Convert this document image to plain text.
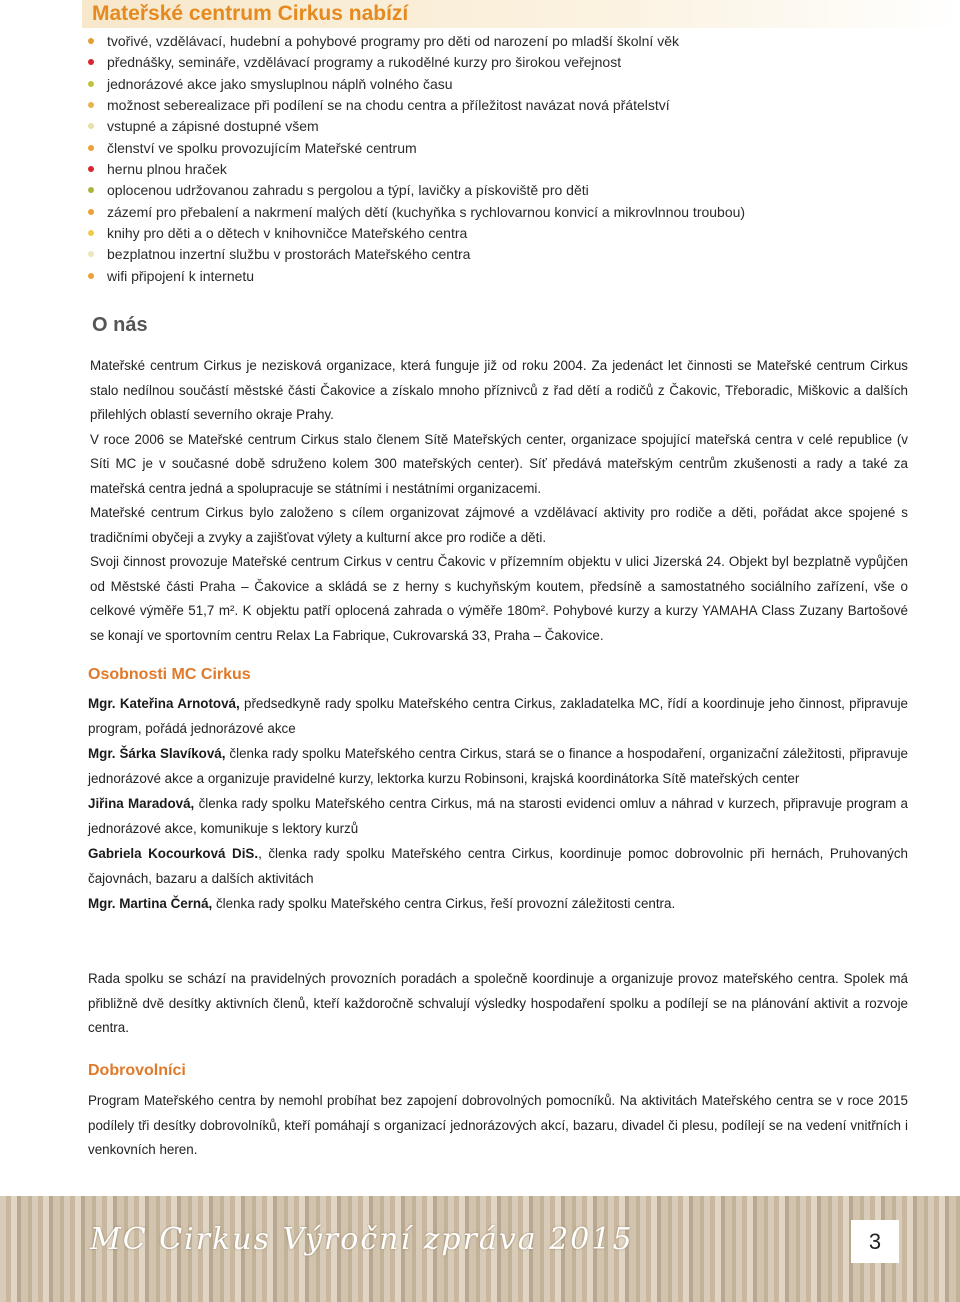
Mateřské centrum Cirkus nabízí
tvořivé, vzdělávací, hudební a pohybové programy pro děti od narození po mladší školní věk
přednášky, semináře, vzdělávací programy a rukodělné kurzy pro širokou veřejnost
jednorázové akce jako smysluplnou náplň volného času
možnost seberealizace při podílení se na chodu centra a příležitost navázat nová přátelství
vstupné a zápisné dostupné všem
členství ve spolku provozujícím Mateřské centrum
hernu plnou hraček
oplocenou udržovanou zahradu s pergolou a týpí, lavičky a pískoviště pro děti
zázemí pro přebalení a nakrmení malých dětí (kuchyňka s rychlovarnou konvicí a mikrovlnnou troubou)
knihy pro děti a o dětech v knihovničce Mateřského centra
bezplatnou inzertní službu v prostorách Mateřského centra
wifi připojení k internetu
O nás

Mateřské centrum Cirkus je nezisková organizace, která funguje již od roku 2004. Za jedenáct let činnosti se Mateřské centrum Cirkus stalo nedílnou součástí městské části Čakovice a získalo mnoho příznivců z řad dětí a rodičů z Čakovic, Třeboradic, Miškovic a dalších přilehlých oblastí severního okraje Prahy.

V roce 2006 se Mateřské centrum Cirkus stalo členem Sítě Mateřských center, organizace spojující mateřská centra v celé republice (v Síti MC je v současné době sdruženo kolem 300 mateřských center). Síť předává mateřským centrům zkušenosti a rady a také za mateřská centra jedná a spolupracuje se státními i nestátními organizacemi.

Mateřské centrum Cirkus bylo založeno s cílem organizovat zájmové a vzdělávací aktivity pro rodiče a děti, pořádat akce spojené s tradičními obyčeji a zvyky a zajišťovat výlety a kulturní akce pro rodiče a děti.

Svoji činnost provozuje Mateřské centrum Cirkus v centru Čakovic v přízemním objektu v ulici Jizerská 24. Objekt byl bezplatně vypůjčen od Městské části Praha – Čakovice a skládá se z herny s kuchyňským koutem, předsíně a samostatného sociálního zařízení, vše o celkové výměře 51,7 m². K objektu patří oplocená zahrada o výměře 180m². Pohybové kurzy a kurzy YAMAHA Class Zuzany Bartošové se konají ve sportovním centru Relax La Fabrique, Cukrovarská 33, Praha – Čakovice.

Osobnosti MC Cirkus

Mgr. Kateřina Arnotová, předsedkyně rady spolku Mateřského centra Cirkus, zakladatelka MC, řídí a koordinuje jeho činnost, připravuje program, pořádá jednorázové akce

Mgr. Šárka Slavíková, členka rady spolku Mateřského centra Cirkus, stará se o finance a hospodaření, organizační záležitosti, připravuje jednorázové akce a organizuje pravidelné kurzy, lektorka kurzu Robinsoni, krajská koordinátorka Sítě mateřských center

Jiřina Maradová, členka rady spolku Mateřského centra Cirkus, má na starosti evidenci omluv a náhrad v kurzech, připravuje program a jednorázové akce, komunikuje s lektory kurzů

Gabriela Kocourková DiS., členka rady spolku Mateřského centra Cirkus, koordinuje pomoc dobrovolnic při hernách, Pruhovaných čajovnách, bazaru a dalších aktivitách

Mgr. Martina Černá, členka rady spolku Mateřského centra Cirkus, řeší provozní záležitosti centra.

Rada spolku se schází na pravidelných provozních poradách a společně koordinuje a organizuje provoz mateřského centra. Spolek má přibližně dvě desítky aktivních členů, kteří každoročně schvalují výsledky hospodaření spolku a podílejí se na plánování aktivit a rozvoje centra.

Dobrovolníci

Program Mateřského centra by nemohl probíhat bez zapojení dobrovolných pomocníků. Na aktivitách Mateřského centra se v roce 2015 podílely tři desítky dobrovolníků, kteří pomáhají s organizací jednorázových akcí, bazaru, divadel či plesu, podílejí se na vedení vnitřních i venkovních heren.

MC Cirkus Výroční zpráva 2015	3
